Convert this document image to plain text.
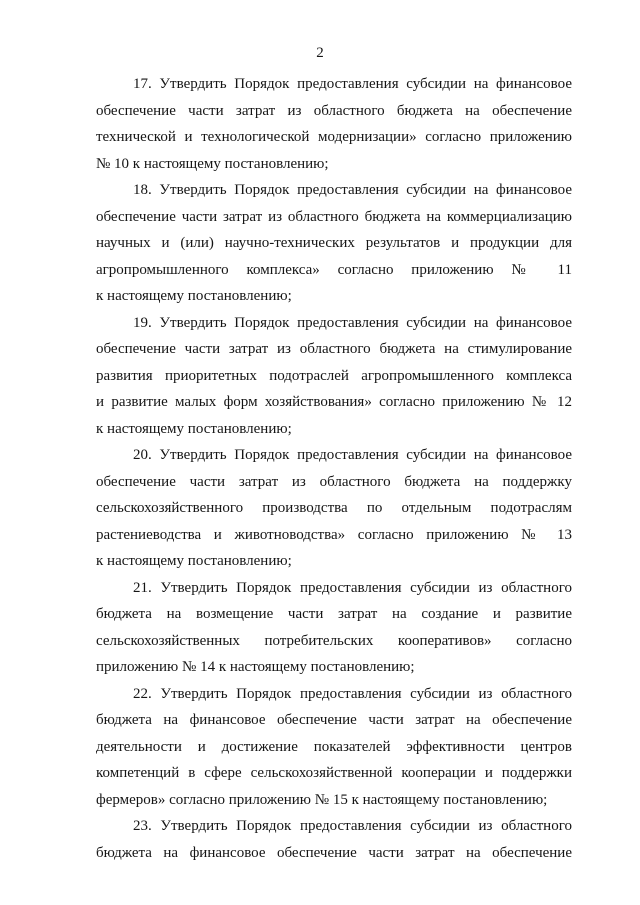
2
17. Утвердить Порядок предоставления субсидии на финансовое
обеспечение части затрат из областного бюджета на обеспечение
технической и технологической модернизации» согласно приложению
№ 10 к настоящему постановлению;
18. Утвердить Порядок предоставления субсидии на финансовое
обеспечение части затрат из областного бюджета на коммерциализацию
научных и (или) научно-технических результатов и продукции для
агропромышленного комплекса» согласно приложению № 11
к настоящему постановлению;
19. Утвердить Порядок предоставления субсидии на финансовое
обеспечение части затрат из областного бюджета на стимулирование
развития приоритетных подотраслей агропромышленного комплекса
и развитие малых форм хозяйствования» согласно приложению № 12
к настоящему постановлению;
20. Утвердить Порядок предоставления субсидии на финансовое
обеспечение части затрат из областного бюджета на поддержку
сельскохозяйственного производства по отдельным подотраслям
растениеводства и животноводства» согласно приложению № 13
к настоящему постановлению;
21. Утвердить Порядок предоставления субсидии из областного
бюджета на возмещение части затрат на создание и развитие
сельскохозяйственных потребительских кооперативов» согласно
приложению № 14 к настоящему постановлению;
22. Утвердить Порядок предоставления субсидии из областного
бюджета на финансовое обеспечение части затрат на обеспечение
деятельности и достижение показателей эффективности центров
компетенций в сфере сельскохозяйственной кооперации и поддержки
фермеров» согласно приложению № 15 к настоящему постановлению;
23. Утвердить Порядок предоставления субсидии из областного
бюджета на финансовое обеспечение части затрат на обеспечение
